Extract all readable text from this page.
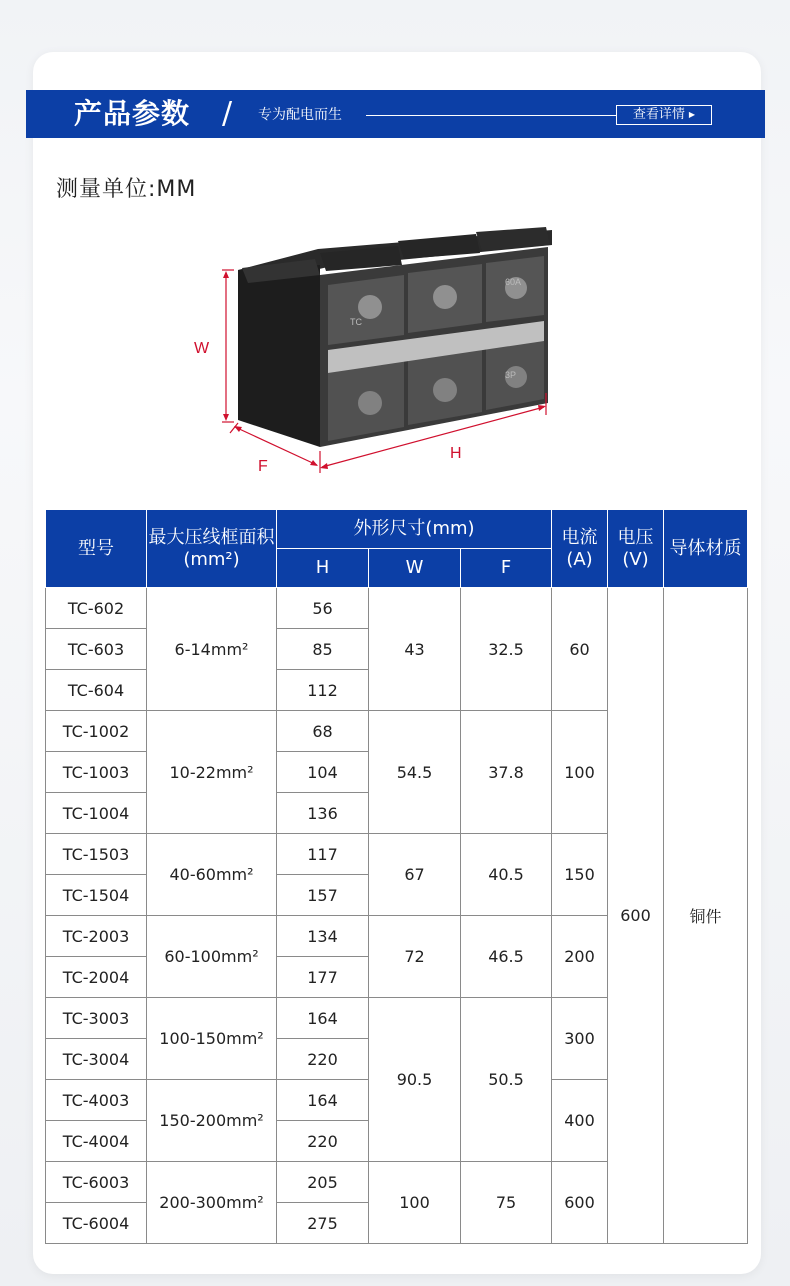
产品参数 / 专为配电而生	查看详情 ▶
测量单位:MM
TC
60A
3P
W
H
F
型号	最大压线框面积(mm²)	外形尺寸(mm)			电流(A)	电压(V)	导体材质
		H	W	F			
TC-602	6-14mm²	56	43	32.5	60	600	铜件
TC-603		85					
TC-604		112					
TC-1002	10-22mm²	68	54.5	37.8	100		
TC-1003		104					
TC-1004		136					
TC-1503	40-60mm²	117	67	40.5	150		
TC-1504		157					
TC-2003	60-100mm²	134	72	46.5	200		
TC-2004		177					
TC-3003	100-150mm²	164	90.5	50.5	300		
TC-3004		220					
TC-4003	150-200mm²	164			400		
TC-4004		220					
TC-6003	200-300mm²	205	100	75	600		
TC-6004		275					
